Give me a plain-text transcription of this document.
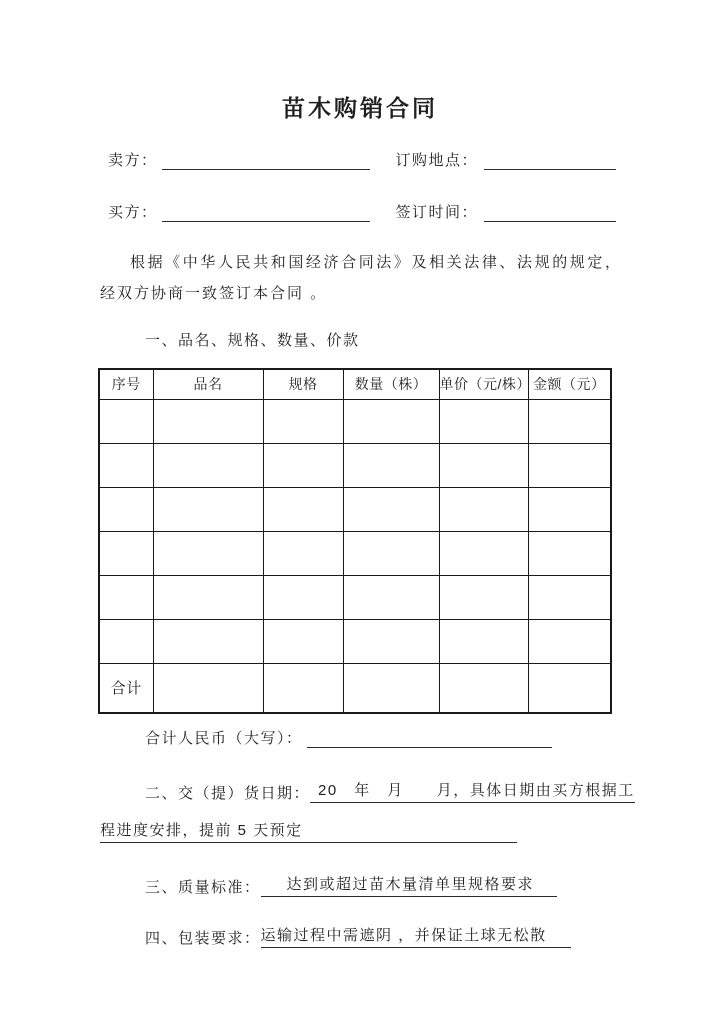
苗木购销合同
卖方：	订购地点：
买方：	签订时间：

根据《中华人民共和国经济合同法》及相关法律、法规的规定，经双方协商一致签订本合同 。

一、品名、规格、数量、价款
序号	品名	规格	数量（株）	单价（元/株）	金额（元）

合计					
合计人民币（大写）：
二、交（提）货日期： 20　年　月　　月，具体日期由买方根据工
程进度安排，提前 5 天预定
三、质量标准：	达到或超过苗木量清单里规格要求
四、包装要求： 运输过程中需遮阴 ，并保证土球无松散
